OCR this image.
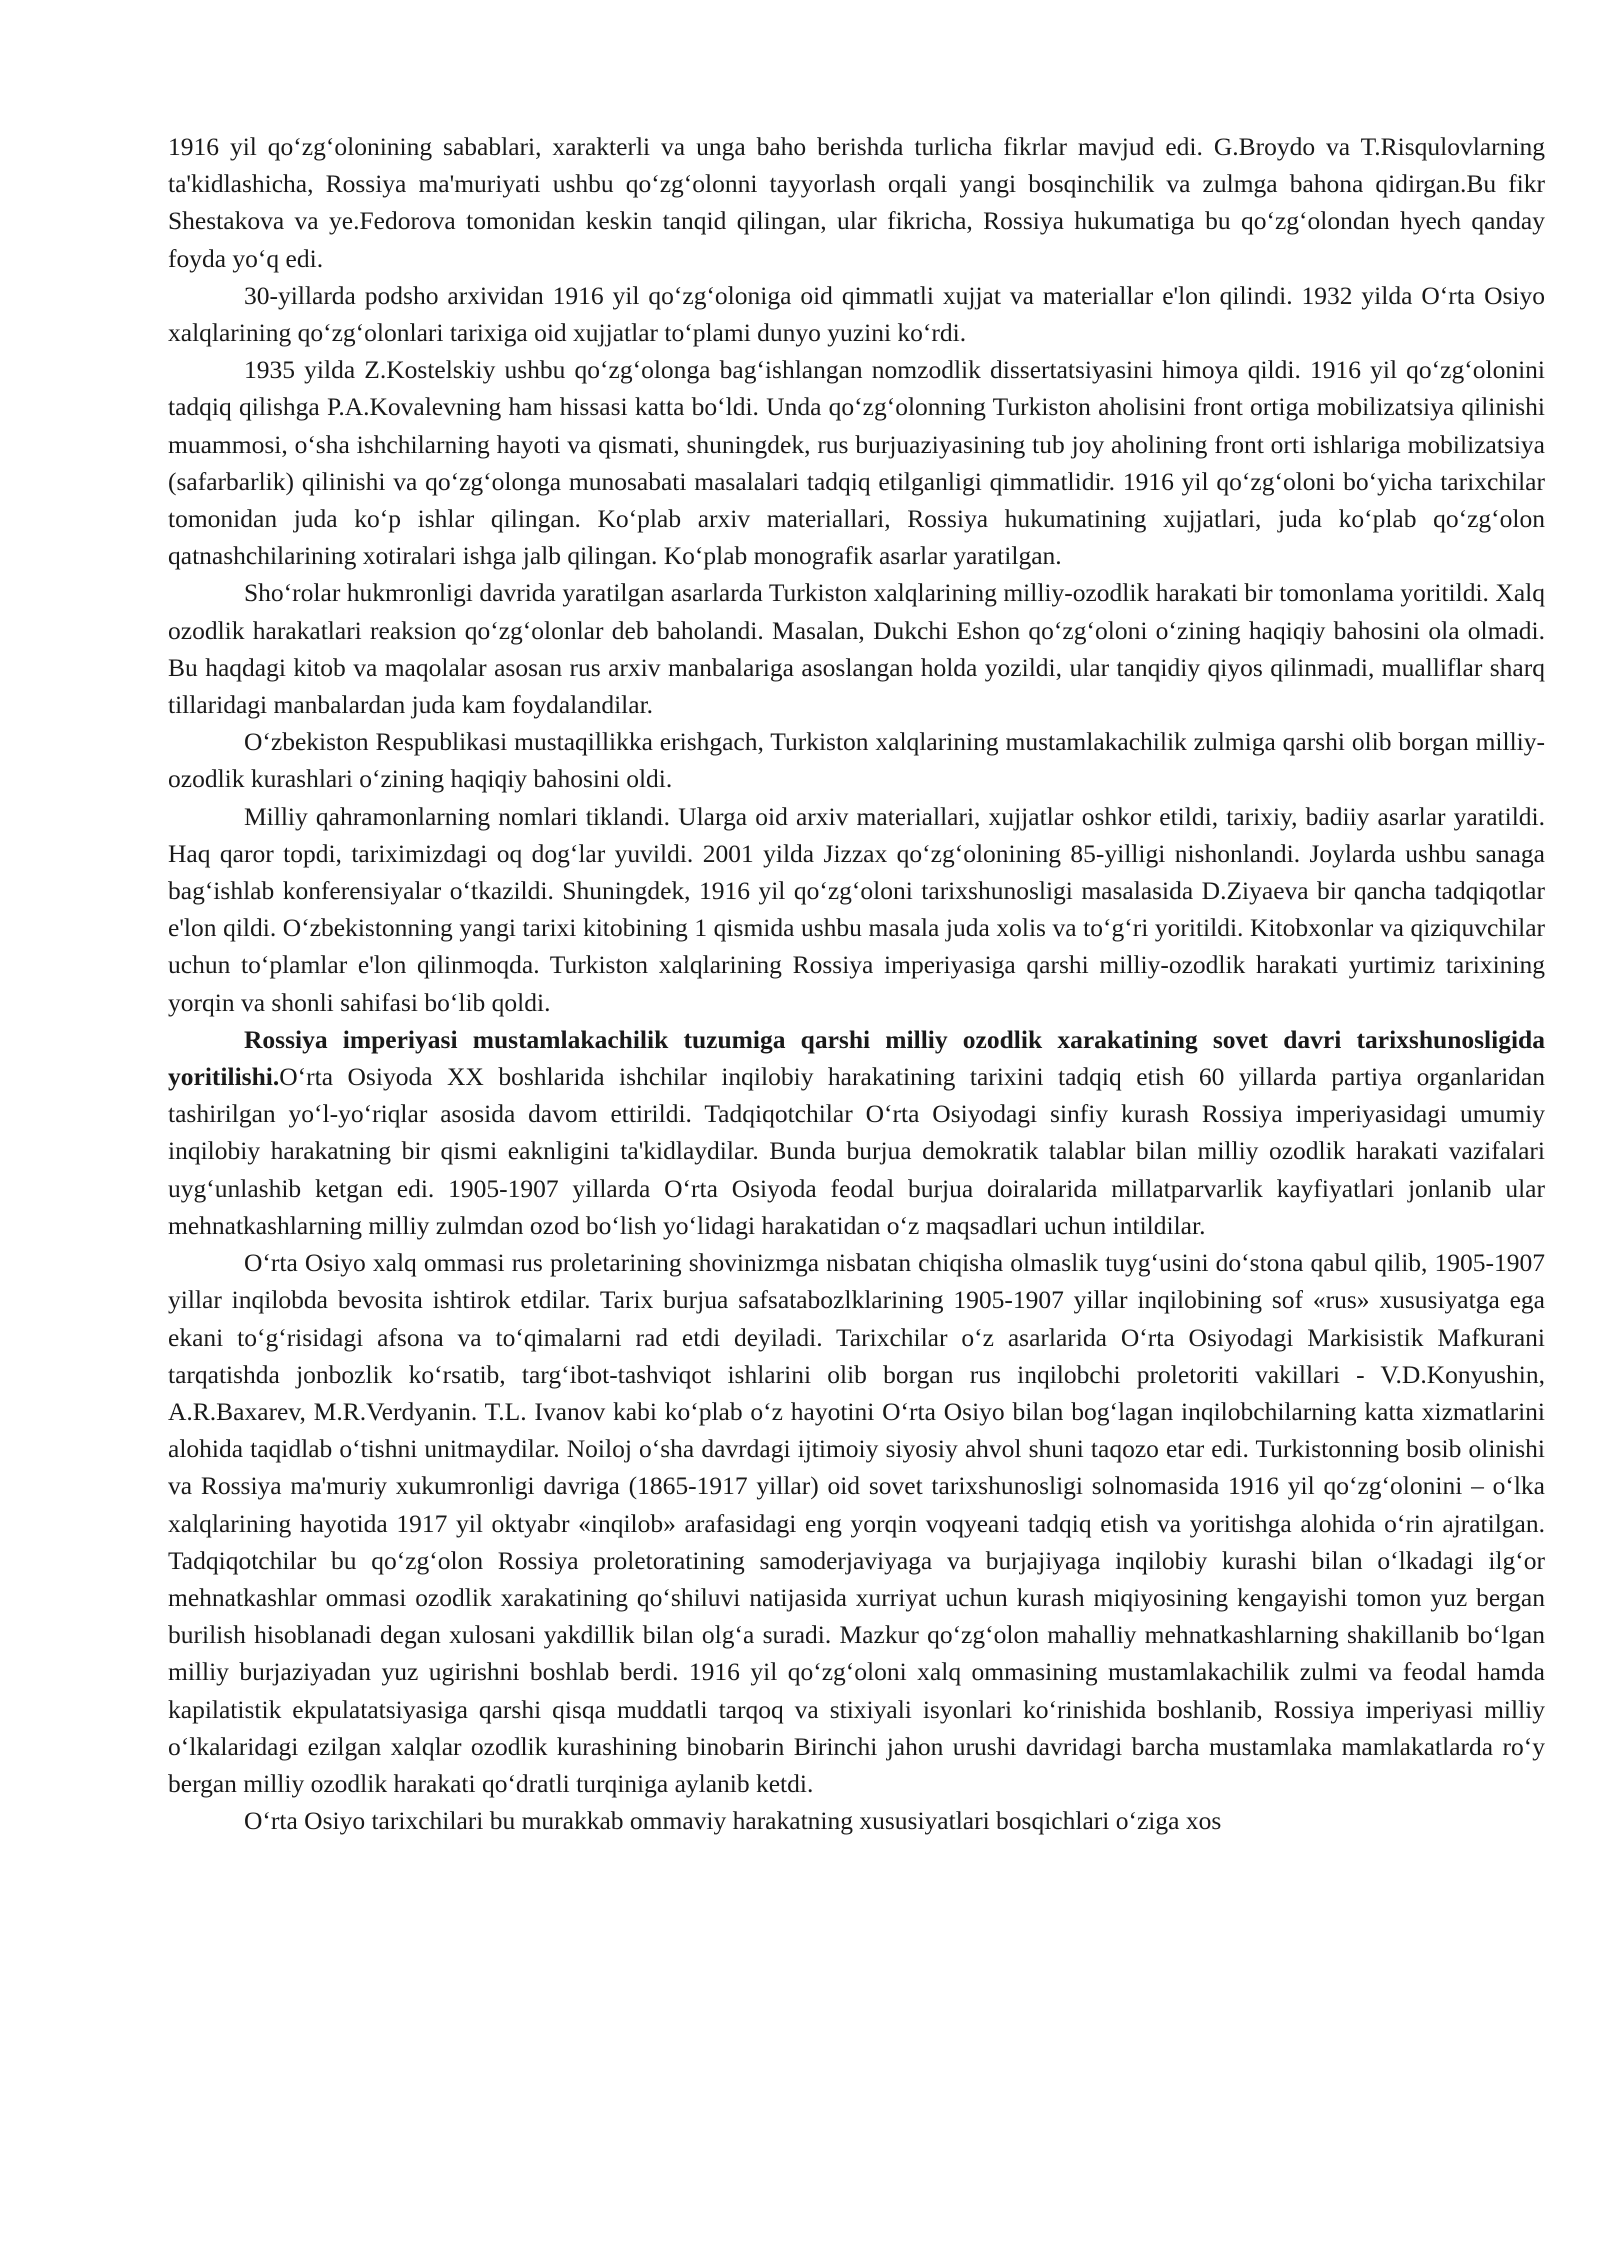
1916 yil qo‘zg‘olonining sabablari, xarakterli va unga baho berishda turlicha fikrlar mavjud edi. G.Broydo va T.Risqulovlarning ta'kidlashicha, Rossiya ma'muriyati ushbu qo‘zg‘olonni tayyorlash orqali yangi bosqinchilik va zulmga bahona qidirgan.Bu fikr Shestakova va ye.Fedorova tomonidan keskin tanqid qilingan, ular fikricha, Rossiya hukumatiga bu qo‘zg‘olondan hyech qanday foyda yo‘q edi.

30-yillarda podsho arxividan 1916 yil qo‘zg‘oloniga oid qimmatli xujjat va materiallar e'lon qilindi. 1932 yilda O‘rta Osiyo xalqlarining qo‘zg‘olonlari tarixiga oid xujjatlar to‘plami dunyo yuzini ko‘rdi.

1935 yilda Z.Kostelskiy ushbu qo‘zg‘olonga bag‘ishlangan nomzodlik dissertatsiyasini himoya qildi. 1916 yil qo‘zg‘olonini tadqiq qilishga P.A.Kovalevning ham hissasi katta bo‘ldi. Unda qo‘zg‘olonning Turkiston aholisini front ortiga mobilizatsiya qilinishi muammosi, o‘sha ishchilarning hayoti va qismati, shuningdek, rus burjuaziyasining tub joy aholining front orti ishlariga mobilizatsiya (safarbarlik) qilinishi va qo‘zg‘olonga munosabati masalalari tadqiq etilganligi qimmatlidir. 1916 yil qo‘zg‘oloni bo‘yicha tarixchilar tomonidan juda ko‘p ishlar qilingan. Ko‘plab arxiv materiallari, Rossiya hukumatining xujjatlari, juda ko‘plab qo‘zg‘olon qatnashchilarining xotiralari ishga jalb qilingan. Ko‘plab monografik asarlar yaratilgan.

Sho‘rolar hukmronligi davrida yaratilgan asarlarda Turkiston xalqlarining milliy-ozodlik harakati bir tomonlama yoritildi. Xalq ozodlik harakatlari reaksion qo‘zg‘olonlar deb baholandi. Masalan, Dukchi Eshon qo‘zg‘oloni o‘zining haqiqiy bahosini ola olmadi. Bu haqdagi kitob va maqolalar asosan rus arxiv manbalariga asoslangan holda yozildi, ular tanqidiy qiyos qilinmadi, mualliflar sharq tillaridagi manbalardan juda kam foydalandilar.

O‘zbekiston Respublikasi mustaqillikka erishgach, Turkiston xalqlarining mustamlakachilik zulmiga qarshi olib borgan milliy-ozodlik kurashlari o‘zining haqiqiy bahosini oldi.

Milliy qahramonlarning nomlari tiklandi. Ularga oid arxiv materiallari, xujjatlar oshkor etildi, tarixiy, badiiy asarlar yaratildi. Haq qaror topdi, tariximizdagi oq dog‘lar yuvildi. 2001 yilda Jizzax qo‘zg‘olonining 85-yilligi nishonlandi. Joylarda ushbu sanaga bag‘ishlab konferensiyalar o‘tkazildi. Shuningdek, 1916 yil qo‘zg‘oloni tarixshunosligi masalasida D.Ziyaeva bir qancha tadqiqotlar e'lon qildi. O‘zbekistonning yangi tarixi kitobining 1 qismida ushbu masala juda xolis va to‘g‘ri yoritildi. Kitobxonlar va qiziquvchilar uchun to‘plamlar e'lon qilinmoqda. Turkiston xalqlarining Rossiya imperiyasiga qarshi milliy-ozodlik harakati yurtimiz tarixining yorqin va shonli sahifasi bo‘lib qoldi.

Rossiya imperiyasi mustamlakachilik tuzumiga qarshi milliy ozodlik xarakatining sovet davri tarixshunosligida yoritilishi.O‘rta Osiyoda XX boshlarida ishchilar inqilobiy harakatining tarixini tadqiq etish 60 yillarda partiya organlaridan tashirilgan yo‘l-yo‘riqlar asosida davom ettirildi. Tadqiqotchilar O‘rta Osiyodagi sinfiy kurash Rossiya imperiyasidagi umumiy inqilobiy harakatning bir qismi eaknligini ta'kidlaydilar. Bunda burjua demokratik talablar bilan milliy ozodlik harakati vazifalari uyg‘unlashib ketgan edi. 1905-1907 yillarda O‘rta Osiyoda feodal burjua doiralarida millatparvarlik kayfiyatlari jonlanib ular mehnatkashlarning milliy zulmdan ozod bo‘lish yo‘lidagi harakatidan o‘z maqsadlari uchun intildilar.

O‘rta Osiyo xalq ommasi rus proletarining shovinizmga nisbatan chiqisha olmaslik tuyg‘usini do‘stona qabul qilib, 1905-1907 yillar inqilobda bevosita ishtirok etdilar. Tarix burjua safsatabozlklarining 1905-1907 yillar inqilobining sof «rus» xususiyatga ega ekani to‘g‘risidagi afsona va to‘qimalarni rad etdi deyiladi. Tarixchilar o‘z asarlarida O‘rta Osiyodagi Markisistik Mafkurani tarqatishda jonbozlik ko‘rsatib, targ‘ibot-tashviqot ishlarini olib borgan rus inqilobchi proletoriti vakillari - V.D.Konyushin, A.R.Baxarev, M.R.Verdyanin. T.L. Ivanov kabi ko‘plab o‘z hayotini O‘rta Osiyo bilan bog‘lagan inqilobchilarning katta xizmatlarini alohida taqidlab o‘tishni unitmaydilar. Noiloj o‘sha davrdagi ijtimoiy siyosiy ahvol shuni taqozo etar edi. Turkistonning bosib olinishi va Rossiya ma'muriy xukumronligi davriga (1865-1917 yillar) oid sovet tarixshunosligi solnomasida 1916 yil qo‘zg‘olonini – o‘lka xalqlarining hayotida 1917 yil oktyabr «inqilob» arafasidagi eng yorqin voqyeani tadqiq etish va yoritishga alohida o‘rin ajratilgan. Tadqiqotchilar bu qo‘zg‘olon Rossiya proletoratining samoderjaviyaga va burjajiyaga inqilobiy kurashi bilan o‘lkadagi ilg‘or mehnatkashlar ommasi ozodlik xarakatining qo‘shiluvi natijasida xurriyat uchun kurash miqiyosining kengayishi tomon yuz bergan burilish hisoblanadi degan xulosani yakdillik bilan olg‘a suradi. Mazkur qo‘zg‘olon mahalliy mehnatkashlarning shakillanib bo‘lgan milliy burjaziyadan yuz ugirishni boshlab berdi. 1916 yil qo‘zg‘oloni xalq ommasining mustamlakachilik zulmi va feodal hamda kapilatistik ekpulatatsiyasiga qarshi qisqa muddatli tarqoq va stixiyali isyonlari ko‘rinishida boshlanib, Rossiya imperiyasi milliy o‘lkalaridagi ezilgan xalqlar ozodlik kurashining binobarin Birinchi jahon urushi davridagi barcha mustamlaka mamlakatlarda ro‘y bergan milliy ozodlik harakati qo‘dratli turqiniga aylanib ketdi.

O‘rta Osiyo tarixchilari bu murakkab ommaviy harakatning xususiyatlari bosqichlari o‘ziga xos
